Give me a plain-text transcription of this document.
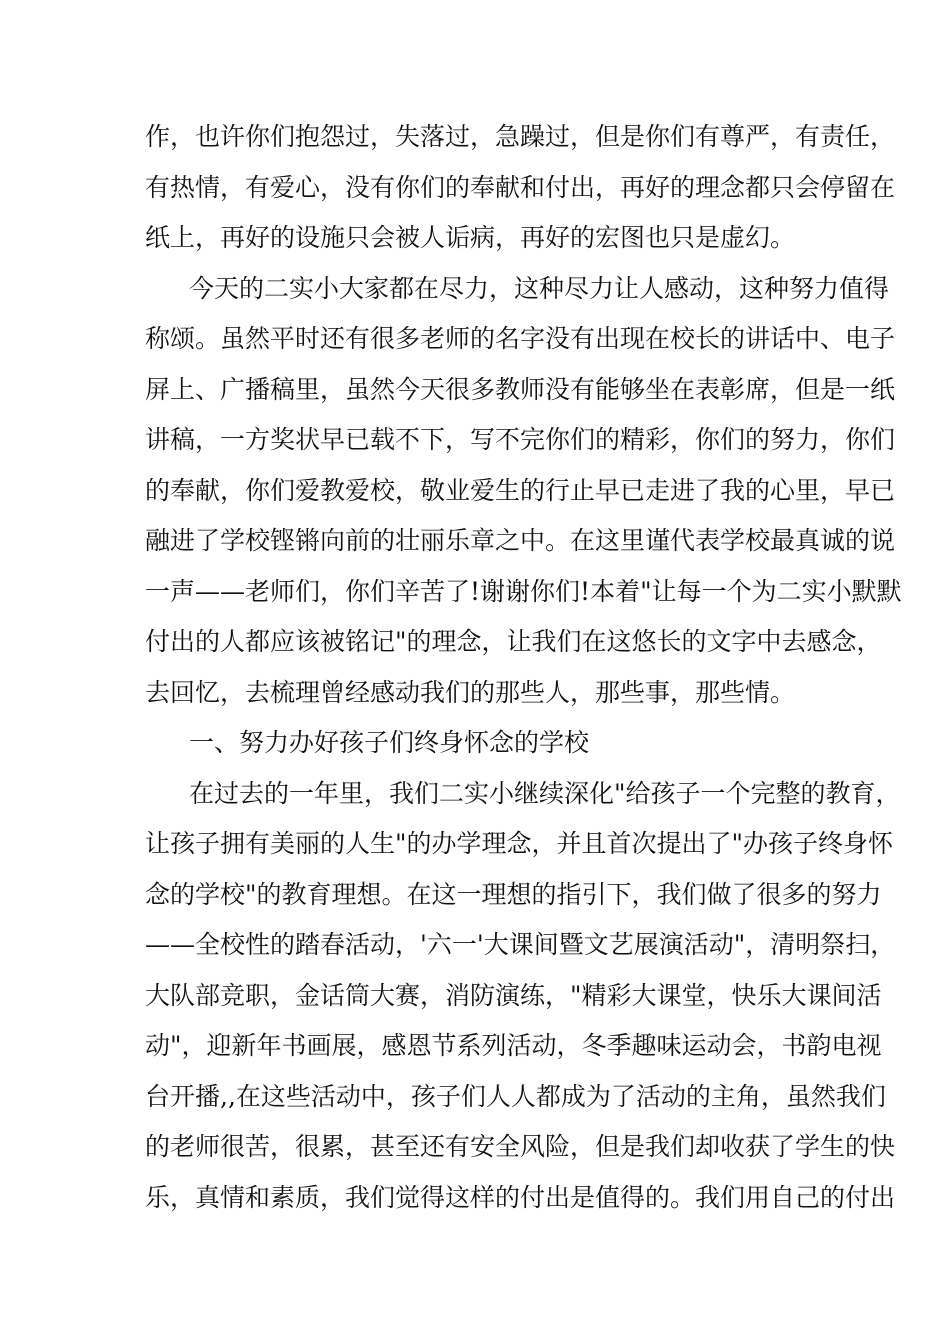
作，也许你们抱怨过，失落过，急躁过，但是你们有尊严，有责任，
有热情，有爱心，没有你们的奉献和付出，再好的理念都只会停留在
纸上，再好的设施只会被人诟病，再好的宏图也只是虚幻。
今天的二实小大家都在尽力，这种尽力让人感动，这种努力值得
称颂。虽然平时还有很多老师的名字没有出现在校长的讲话中、电子
屏上、广播稿里，虽然今天很多教师没有能够坐在表彰席，但是一纸
讲稿，一方奖状早已载不下，写不完你们的精彩，你们的努力，你们
的奉献，你们爱教爱校，敬业爱生的行止早已走进了我的心里，早已
融进了学校铿锵向前的壮丽乐章之中。在这里谨代表学校最真诚的说
一声——老师们，你们辛苦了!谢谢你们!本着"让每一个为二实小默默
付出的人都应该被铭记"的理念，让我们在这悠长的文字中去感念，
去回忆，去梳理曾经感动我们的那些人，那些事，那些情。
一、努力办好孩子们终身怀念的学校
在过去的一年里，我们二实小继续深化"给孩子一个完整的教育，
让孩子拥有美丽的人生"的办学理念，并且首次提出了"办孩子终身怀
念的学校"的教育理想。在这一理想的指引下，我们做了很多的努力
——全校性的踏春活动，'六一'大课间暨文艺展演活动"，清明祭扫，
大队部竞职，金话筒大赛，消防演练，"精彩大课堂，快乐大课间活
动"，迎新年书画展，感恩节系列活动，冬季趣味运动会，书韵电视
台开播,,在这些活动中，孩子们人人都成为了活动的主角，虽然我们
的老师很苦，很累，甚至还有安全风险，但是我们却收获了学生的快
乐，真情和素质，我们觉得这样的付出是值得的。我们用自己的付出
